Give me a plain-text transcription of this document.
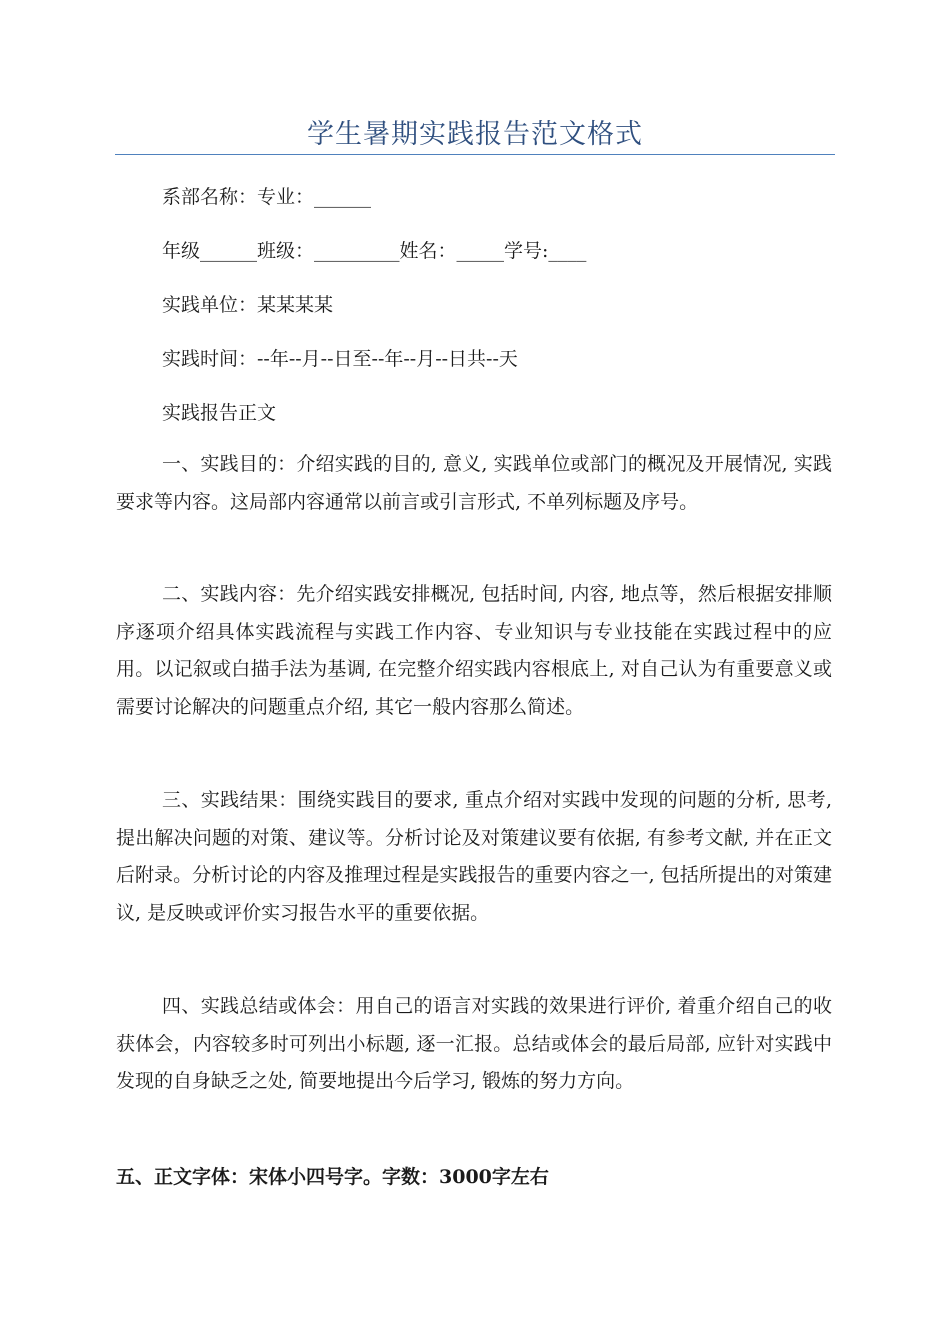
学生暑期实践报告范文格式
系部名称：专业：______
年级______班级：_________姓名：_____学号:____
实践单位：某某某某
实践时间：--年--月--日至--年--月--日共--天
实践报告正文
一、实践目的：介绍实践的目的, 意义, 实践单位或部门的概况及开展情况, 实践要求等内容。这局部内容通常以前言或引言形式, 不单列标题及序号。
二、实践内容：先介绍实践安排概况, 包括时间, 内容, 地点等，然后根据安排顺序逐项介绍具体实践流程与实践工作内容、专业知识与专业技能在实践过程中的应用。以记叙或白描手法为基调, 在完整介绍实践内容根底上, 对自己认为有重要意义或需要讨论解决的问题重点介绍, 其它一般内容那么简述。
三、实践结果：围绕实践目的要求, 重点介绍对实践中发现的问题的分析, 思考, 提出解决问题的对策、建议等。分析讨论及对策建议要有依据, 有参考文献, 并在正文后附录。分析讨论的内容及推理过程是实践报告的重要内容之一, 包括所提出的对策建议, 是反映或评价实习报告水平的重要依据。
四、实践总结或体会：用自己的语言对实践的效果进行评价, 着重介绍自己的收获体会，内容较多时可列出小标题, 逐一汇报。总结或体会的最后局部, 应针对实践中发现的自身缺乏之处, 简要地提出今后学习, 锻炼的努力方向。
五、正文字体：宋体小四号字。字数：3000字左右
